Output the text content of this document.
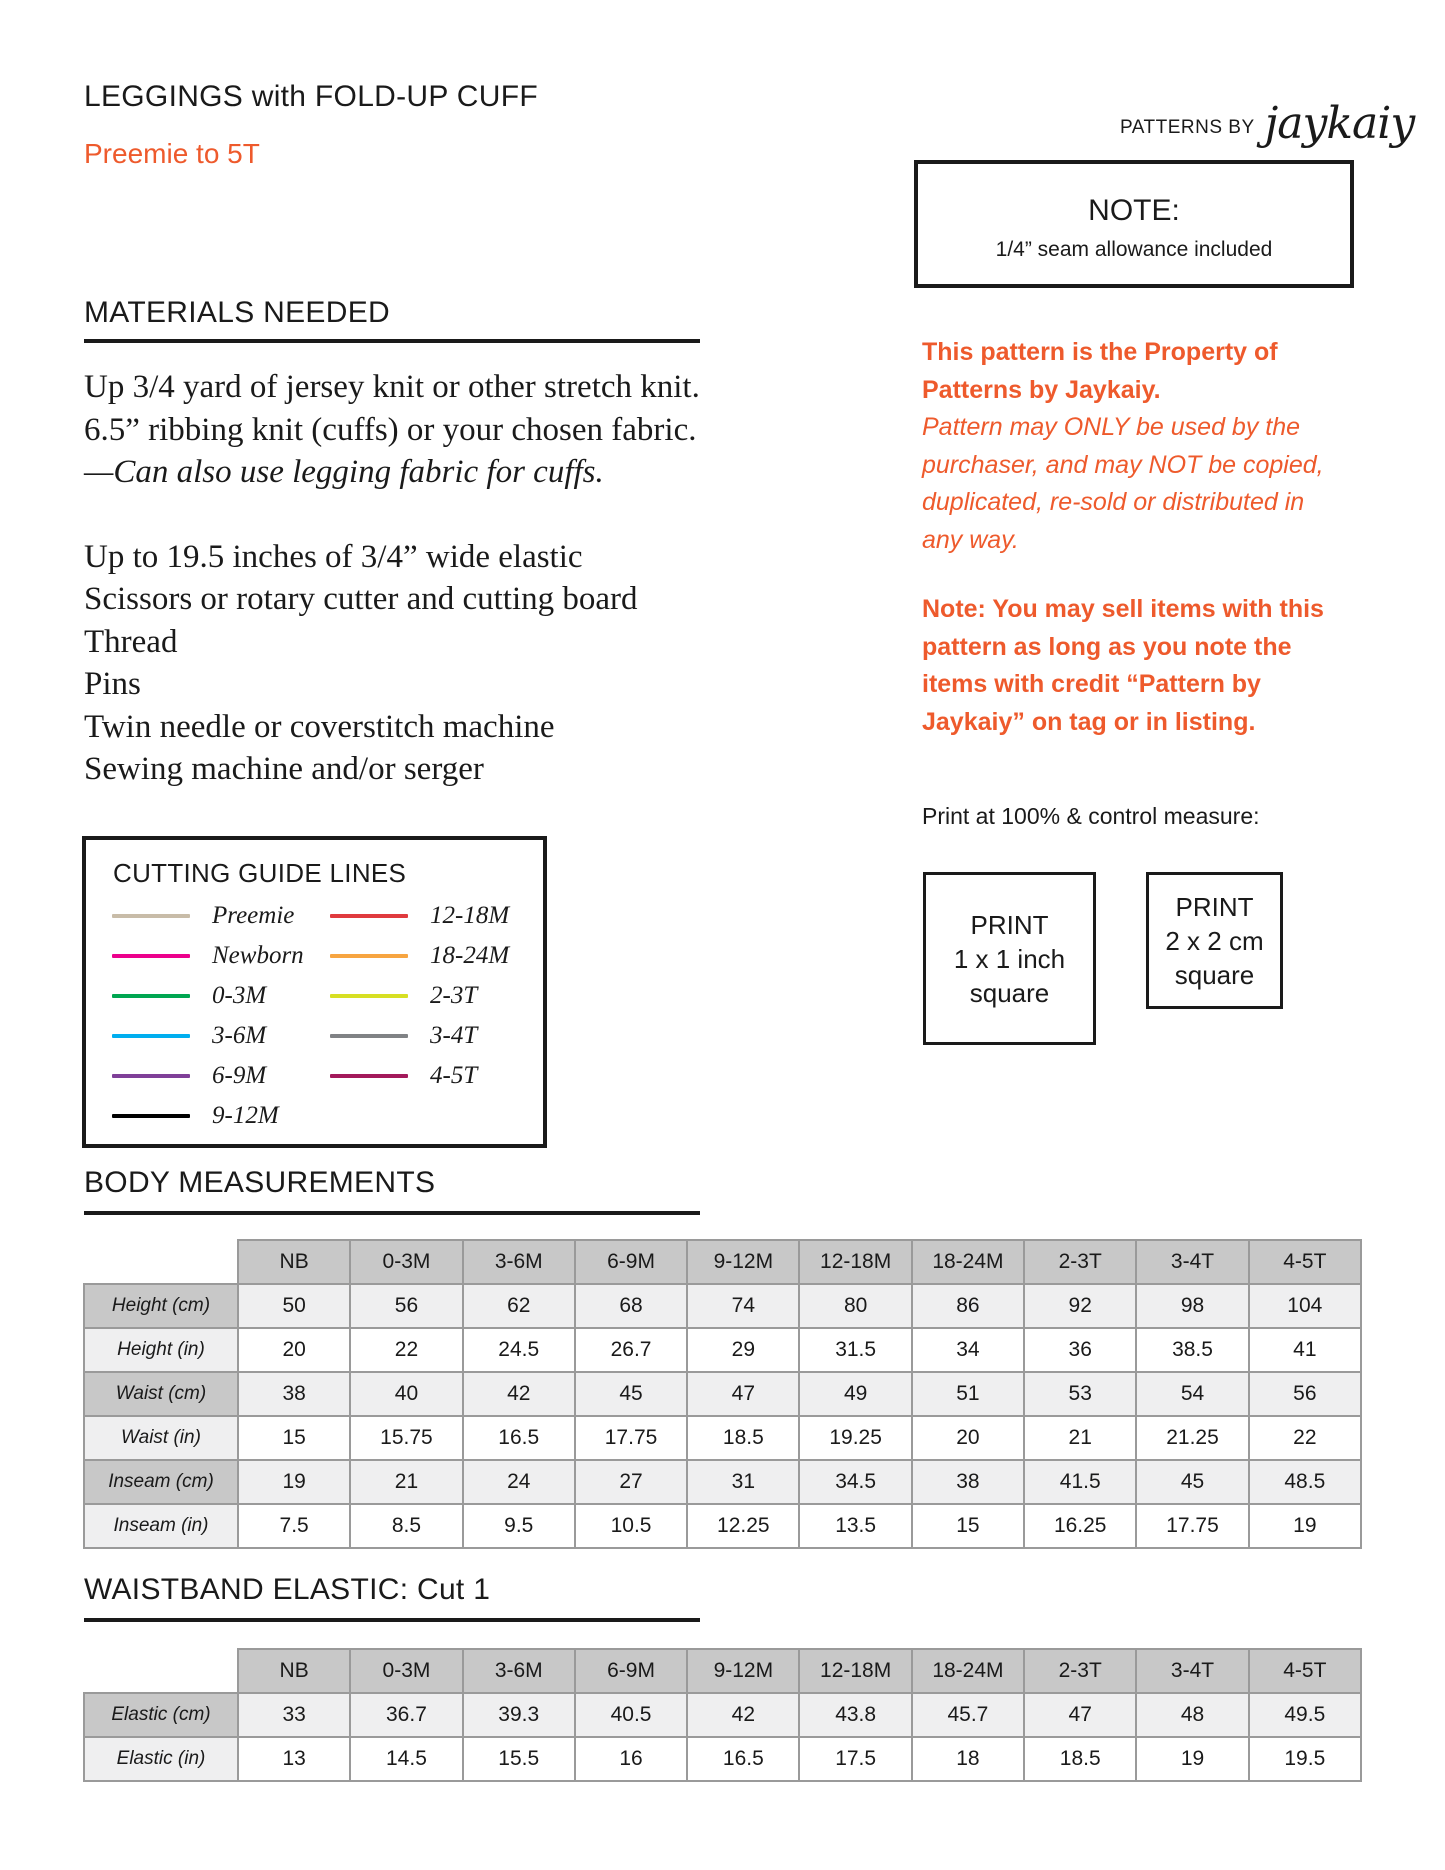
LEGGINGS with FOLD-UP CUFF
Preemie to 5T
PATTERNS BY jaykaiy
NOTE:
1/4” seam allowance included
MATERIALS NEEDED
Up 3/4 yard of jersey knit or other stretch knit.
6.5” ribbing knit (cuffs) or your chosen fabric.
—Can also use legging fabric for cuffs.
Up to 19.5 inches of 3/4” wide elastic
Scissors or rotary cutter and cutting board
Thread
Pins
Twin needle or coverstitch machine
Sewing machine and/or serger
This pattern is the Property of
Patterns by Jaykaiy.
Pattern may ONLY be used by the
purchaser, and may NOT be copied,
duplicated, re-sold or distributed in
any way.
Note: You may sell items with this
pattern as long as you note the
items with credit “Pattern by
Jaykaiy” on tag or in listing.
Print at 100% & control measure:
PRINT
1 x 1 inch
square
PRINT
2 x 2 cm
square
CUTTING GUIDE LINES
Preemie
Newborn
0-3M
3-6M
6-9M
9-12M
12-18M
18-24M
2-3T
3-4T
4-5T
BODY MEASUREMENTS
	NB	0-3M	3-6M	6-9M	9-12M	12-18M	18-24M	2-3T	3-4T	4-5T
Height (cm)	50	56	62	68	74	80	86	92	98	104
Height (in)	20	22	24.5	26.7	29	31.5	34	36	38.5	41
Waist (cm)	38	40	42	45	47	49	51	53	54	56
Waist (in)	15	15.75	16.5	17.75	18.5	19.25	20	21	21.25	22
Inseam (cm)	19	21	24	27	31	34.5	38	41.5	45	48.5
Inseam (in)	7.5	8.5	9.5	10.5	12.25	13.5	15	16.25	17.75	19
WAISTBAND ELASTIC: Cut 1
	NB	0-3M	3-6M	6-9M	9-12M	12-18M	18-24M	2-3T	3-4T	4-5T
Elastic (cm)	33	36.7	39.3	40.5	42	43.8	45.7	47	48	49.5
Elastic (in)	13	14.5	15.5	16	16.5	17.5	18	18.5	19	19.5
